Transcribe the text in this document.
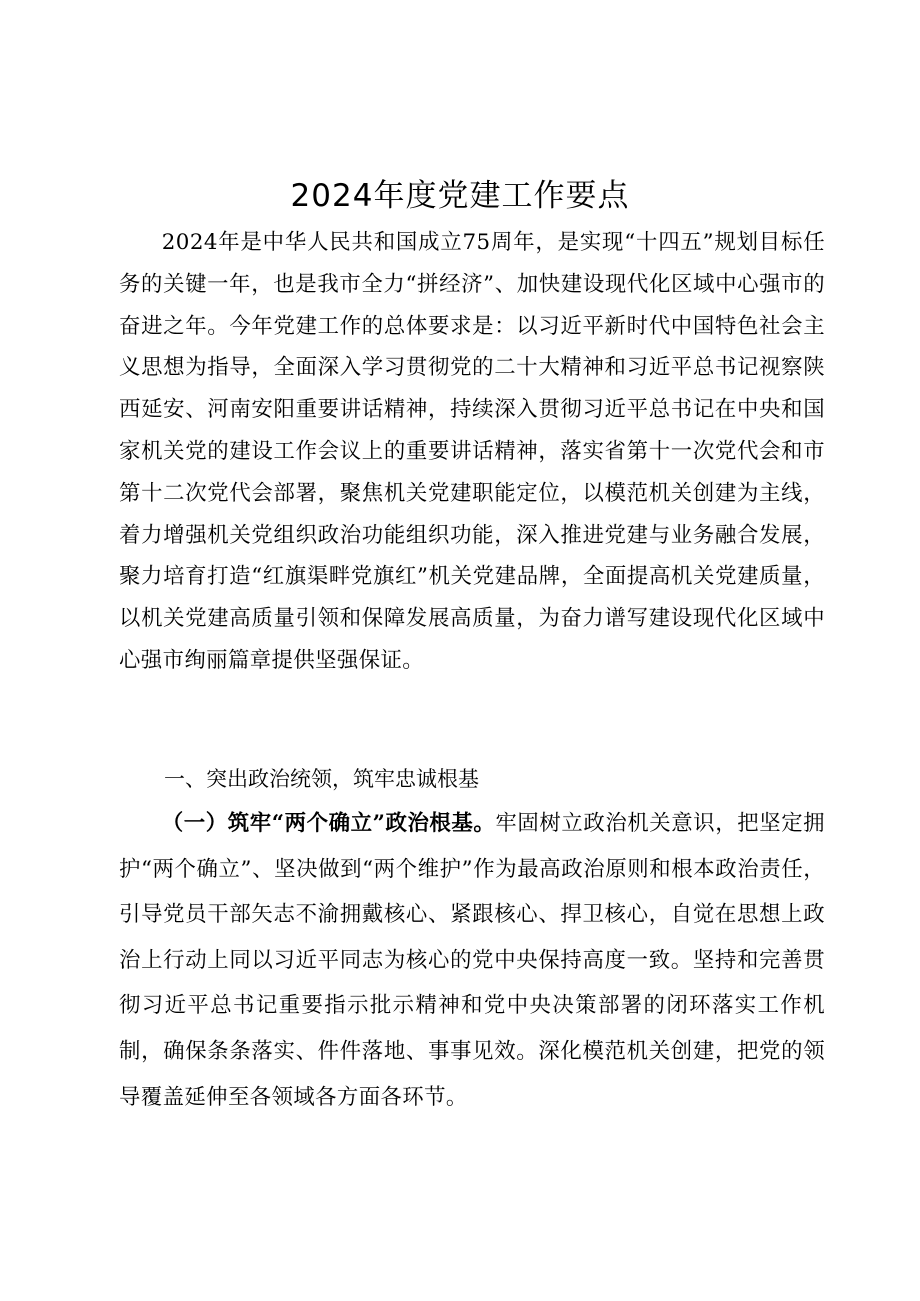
2024年度党建工作要点

2024年是中华人民共和国成立75周年，是实现“十四五”规划目标任务的关键一年，也是我市全力“拼经济”、加快建设现代化区域中心强市的奋进之年。今年党建工作的总体要求是：以习近平新时代中国特色社会主义思想为指导，全面深入学习贯彻党的二十大精神和习近平总书记视察陕西延安、河南安阳重要讲话精神，持续深入贯彻习近平总书记在中央和国家机关党的建设工作会议上的重要讲话精神，落实省第十一次党代会和市第十二次党代会部署，聚焦机关党建职能定位，以模范机关创建为主线，着力增强机关党组织政治功能组织功能，深入推进党建与业务融合发展，聚力培育打造“红旗渠畔党旗红”机关党建品牌，全面提高机关党建质量，以机关党建高质量引领和保障发展高质量，为奋力谱写建设现代化区域中心强市绚丽篇章提供坚强保证。

一、突出政治统领，筑牢忠诚根基

（一）筑牢“两个确立”政治根基。牢固树立政治机关意识，把坚定拥护“两个确立”、坚决做到“两个维护”作为最高政治原则和根本政治责任，引导党员干部矢志不渝拥戴核心、紧跟核心、捍卫核心，自觉在思想上政治上行动上同以习近平同志为核心的党中央保持高度一致。坚持和完善贯彻习近平总书记重要指示批示精神和党中央决策部署的闭环落实工作机制，确保条条落实、件件落地、事事见效。深化模范机关创建，把党的领导覆盖延伸至各领域各方面各环节。
